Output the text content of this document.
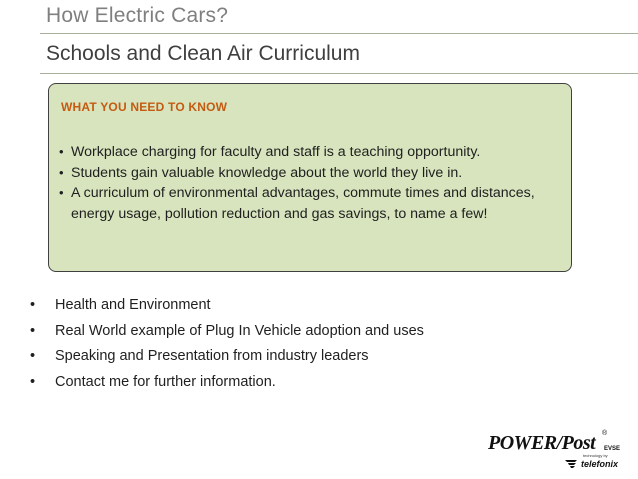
How Electric Cars?
Schools and Clean Air Curriculum
WHAT YOU NEED TO KNOW
• Workplace charging for faculty and staff is a teaching opportunity.
• Students gain valuable knowledge about the world they live in.
• A curriculum of environmental advantages, commute times and distances, energy usage, pollution reduction and gas savings, to name a few!
• Health and Environment
• Real World example of Plug In Vehicle adoption and uses
• Speaking and Presentation from industry leaders
• Contact me for further information.
POWER/Post ®
EVSE
technology by
telefonix
